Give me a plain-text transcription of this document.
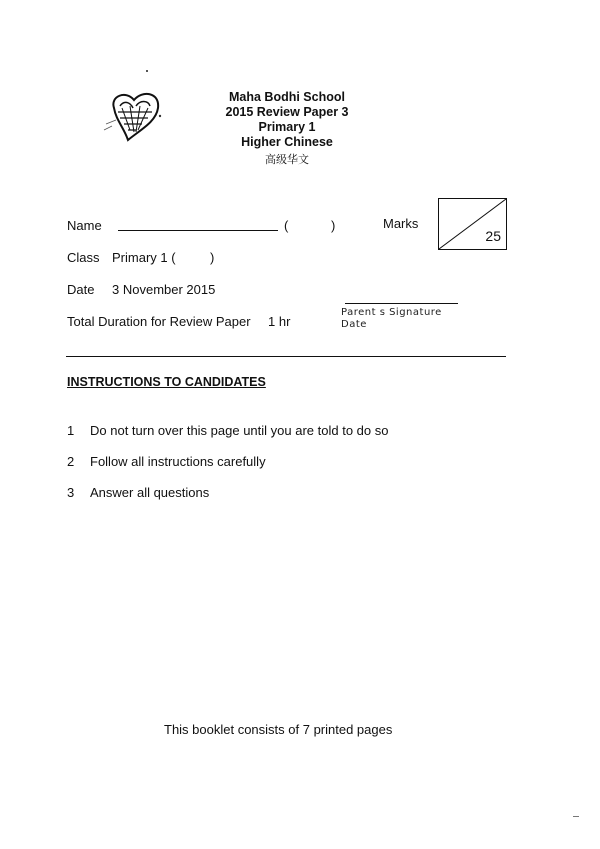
Maha Bodhi School
2015 Review Paper 3
Primary 1
Higher Chinese
高级华文
Name	(	)	Marks
25
Class Primary 1 (	)
Date 3 November 2015
Total Duration for Review Paper 1 hr
Parent s Signature
Date
INSTRUCTIONS TO CANDIDATES
1 Do not turn over this page until you are told to do so
2 Follow all instructions carefully
3 Answer all questions
This booklet consists of 7 printed pages
